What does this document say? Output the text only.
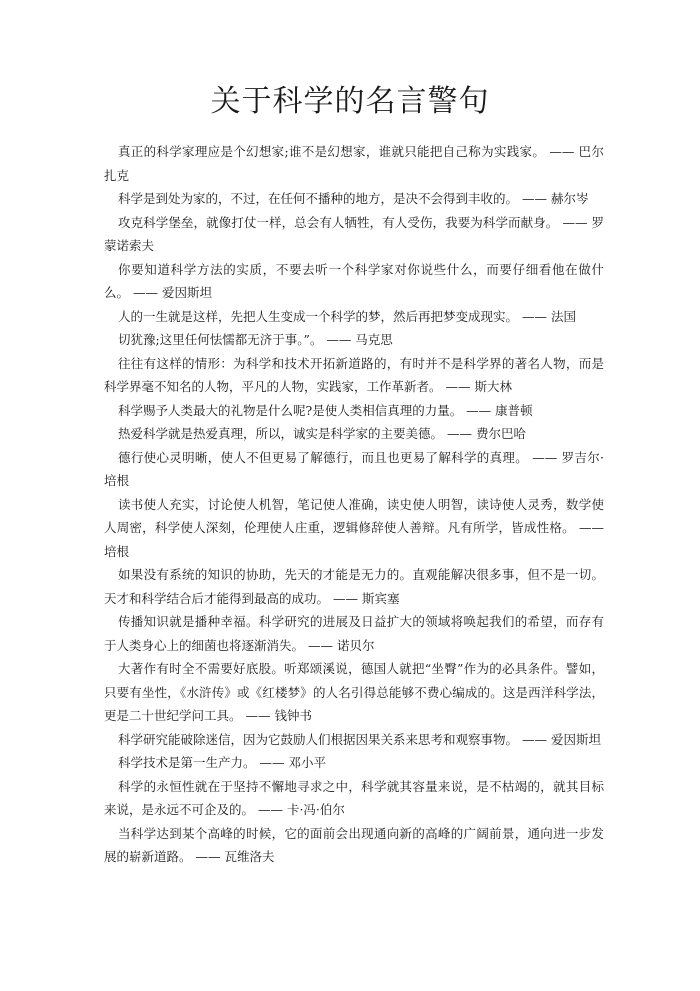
关于科学的名言警句

真正的科学家理应是个幻想家;谁不是幻想家，谁就只能把自己称为实践家。 —— 巴尔扎克

科学是到处为家的，不过，在任何不播种的地方，是决不会得到丰收的。 —— 赫尔岑

攻克科学堡垒，就像打仗一样，总会有人牺牲，有人受伤，我要为科学而献身。 —— 罗蒙诺索夫

你要知道科学方法的实质，不要去听一个科学家对你说些什么，而要仔细看他在做什么。 —— 爱因斯坦

人的一生就是这样，先把人生变成一个科学的梦，然后再把梦变成现实。 —— 法国

切犹豫;这里任何怯懦都无济于事。”。 —— 马克思

往往有这样的情形：为科学和技术开拓新道路的，有时并不是科学界的著名人物，而是科学界毫不知名的人物，平凡的人物，实践家，工作革新者。 —— 斯大林

科学赐予人类最大的礼物是什么呢?是使人类相信真理的力量。 —— 康普顿

热爱科学就是热爱真理，所以，诚实是科学家的主要美德。 —— 费尔巴哈

德行使心灵明晰，使人不但更易了解德行，而且也更易了解科学的真理。 —— 罗吉尔·培根

读书使人充实，讨论使人机智，笔记使人准确，读史使人明智，读诗使人灵秀，数学使人周密，科学使人深刻，伦理使人庄重，逻辑修辞使人善辩。凡有所学，皆成性格。 —— 培根

如果没有系统的知识的协助，先天的才能是无力的。直观能解决很多事，但不是一切。天才和科学结合后才能得到最高的成功。 —— 斯宾塞

传播知识就是播种幸福。科学研究的进展及日益扩大的领域将唤起我们的希望，而存有于人类身心上的细菌也将逐渐消失。 —— 诺贝尔

大著作有时全不需要好底股。听郑颂溪说，德国人就把“坐臀”作为的必具条件。譬如，只要有坐性，《水浒传》或《红楼梦》的人名引得总能够不费心编成的。这是西洋科学法，更是二十世纪学问工具。 —— 钱钟书

科学研究能破除迷信，因为它鼓励人们根据因果关系来思考和观察事物。 —— 爱因斯坦

科学技术是第一生产力。 —— 邓小平

科学的永恒性就在于坚持不懈地寻求之中，科学就其容量来说，是不枯竭的，就其目标来说，是永远不可企及的。 —— 卡·冯·伯尔

当科学达到某个高峰的时候，它的面前会出现通向新的高峰的广阔前景，通向进一步发展的崭新道路。 —— 瓦维洛夫
